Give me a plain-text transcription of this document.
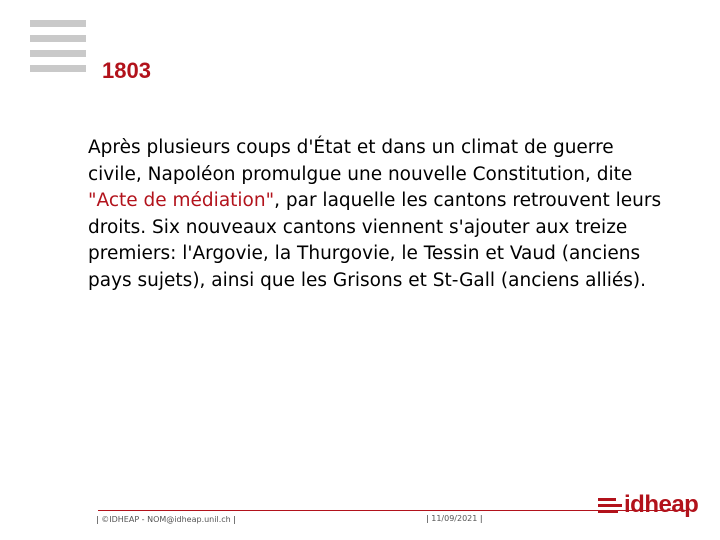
1803
Après plusieurs coups d'État et dans un climat de guerre civile, Napoléon promulgue une nouvelle Constitution, dite "Acte de médiation", par laquelle les cantons retrouvent leurs droits. Six nouveaux cantons viennent s'ajouter aux treize premiers: l'Argovie, la Thurgovie, le Tessin et Vaud (anciens pays sujets), ainsi que les Grisons et St-Gall (anciens alliés).
| ©IDHEAP - NOM@idheap.unil.ch |	| 11/09/2021 |
idheap
